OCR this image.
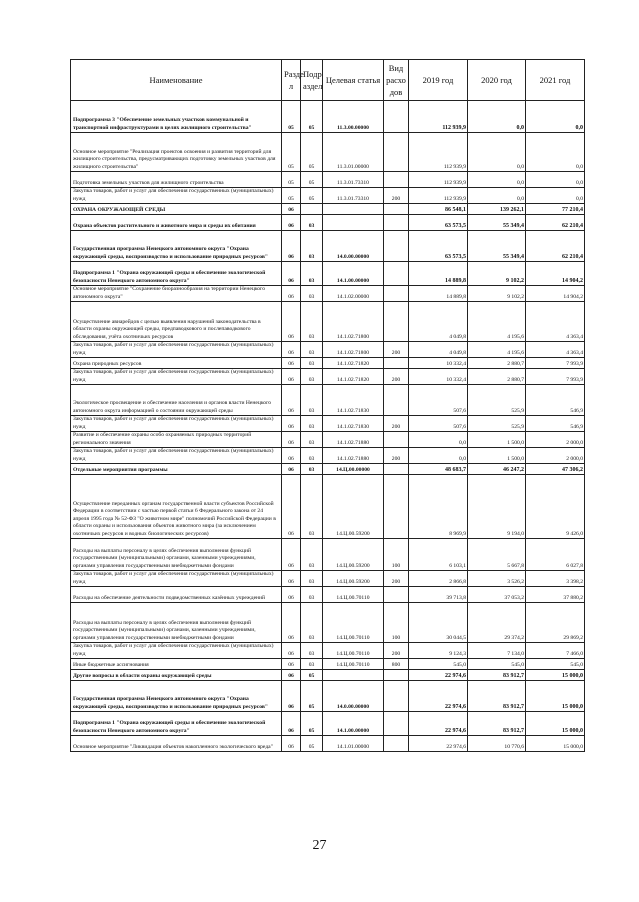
Наименование	Разде л	Подр аздел	Целевая статья	Вид расхо дов	2019 год	2020 год	2021 год
Подпрограмма 3 "Обеспечение земельных участков коммунальной и транспортной инфраструктурами в целях жилищного строительства"	05	05	11.3.00.00000		112 939,9	0,0	0,0
Основное мероприятие "Реализация проектов освоения и развития территорий для жилищного строительства, предусматривающих подготовку земельных участков для жилищного строительства"	05	05	11.3.01.00000		112 939,9	0,0	0,0
Подготовка земельных участков для жилищного строительства	05	05	11.3.01.73310		112 939,9	0,0	0,0
Закупка товаров, работ и услуг для обеспечения государственных (муниципальных) нужд	05	05	11.3.01.73310	200	112 939,9	0,0	0,0
ОХРАНА ОКРУЖАЮЩЕЙ СРЕДЫ	06				86 548,1	139 262,1	77 210,4
Охрана объектов растительного и животного мира и среды их обитания	06	03			63 573,5	55 349,4	62 210,4
Государственная программа Ненецкого автономного округа "Охрана окружающей среды, воспроизводство и использование природных ресурсов"	06	03	14.0.00.00000		63 573,5	55 349,4	62 210,4
Подпрограмма 1 "Охрана окружающей среды и обеспечение экологической безопасности Ненецкого автономного округа"	06	03	14.1.00.00000		14 889,8	9 102,2	14 904,2
Основное мероприятие "Сохранение биоразнообразия на территории Ненецкого автономного округа"	06	03	14.1.02.00000		14 889,8	9 102,2	14 904,2
Осуществление авиарейдов с целью выявления нарушений законодательства в области охраны окружающей среды, предпаводкового и послепаводкового обследования, учёта охотничьих ресурсов	06	03	14.1.02.71800		4 049,8	4 195,6	4 363,4
Закупка товаров, работ и услуг для обеспечения государственных (муниципальных) нужд	06	03	14.1.02.71800	200	4 049,8	4 195,6	4 363,4
Охрана природных ресурсов	06	03	14.1.02.71820		10 332,4	2 880,7	7 993,9
Закупка товаров, работ и услуг для обеспечения государственных (муниципальных) нужд	06	03	14.1.02.71820	200	10 332,4	2 880,7	7 993,9
Экологическое просвещение и обеспечение населения и органов власти Ненецкого автономного округа информацией о состоянии окружающей среды	06	03	14.1.02.71830		507,6	525,9	546,9
Закупка товаров, работ и услуг для обеспечения государственных (муниципальных) нужд	06	03	14.1.02.71830	200	507,6	525,9	546,9
Развитие и обеспечение охраны особо охраняемых природных территорий регионального значения	06	03	14.1.02.71880		0,0	1 500,0	2 000,0
Закупка товаров, работ и услуг для обеспечения государственных (муниципальных) нужд	06	03	14.1.02.71880	200	0,0	1 500,0	2 000,0
Отдельные мероприятия программы	06	03	14.Ц.00.00000		48 683,7	46 247,2	47 306,2
Осуществление переданных органам государственной власти субъектов Российской Федерации в соответствии с частью первой статьи 6 Федерального закона от 24 апреля 1995 года № 52-ФЗ "О животном мире" полномочий Российской Федерации в области охраны и использования объектов животного мира (за исключением охотничьих ресурсов и водных биологических ресурсов)	06	03	14.Ц.00.59200		8 969,9	9 194,0	9 426,0
Расходы на выплаты персоналу в целях обеспечения выполнения функций государственными (муниципальными) органами, казенными учреждениями, органами управления государственными внебюджетными фондами	06	03	14.Ц.00.59200	100	6 103,1	5 667,8	6 027,8
Закупка товаров, работ и услуг для обеспечения государственных (муниципальных) нужд	06	03	14.Ц.00.59200	200	2 866,8	3 526,2	3 398,2
Расходы на обеспечение деятельности подведомственных казённых учреждений	06	03	14.Ц.00.70110		39 713,8	37 053,2	37 880,2
Расходы на выплаты персоналу в целях обеспечения выполнения функций государственными (муниципальными) органами, казенными учреждениями, органами управления государственными внебюджетными фондами	06	03	14.Ц.00.70110	100	30 044,5	29 374,2	29 869,2
Закупка товаров, работ и услуг для обеспечения государственных (муниципальных) нужд	06	03	14.Ц.00.70110	200	9 124,3	7 134,0	7 466,0
Иные бюджетные ассигнования	06	03	14.Ц.00.70110	800	545,0	545,0	545,0
Другие вопросы в области охраны окружающей среды	06	05			22 974,6	83 912,7	15 000,0
Государственная программа Ненецкого автономного округа "Охрана окружающей среды, воспроизводство и использование природных ресурсов"	06	05	14.0.00.00000		22 974,6	83 912,7	15 000,0
Подпрограмма 1 "Охрана окружающей среды и обеспечение экологической безопасности Ненецкого автономного округа"	06	05	14.1.00.00000		22 974,6	83 912,7	15 000,0
Основное мероприятие "Ликвидация объектов накопленного экологического вреда"	06	05	14.1.01.00000		22 974,6	10 770,6	15 000,0
27
